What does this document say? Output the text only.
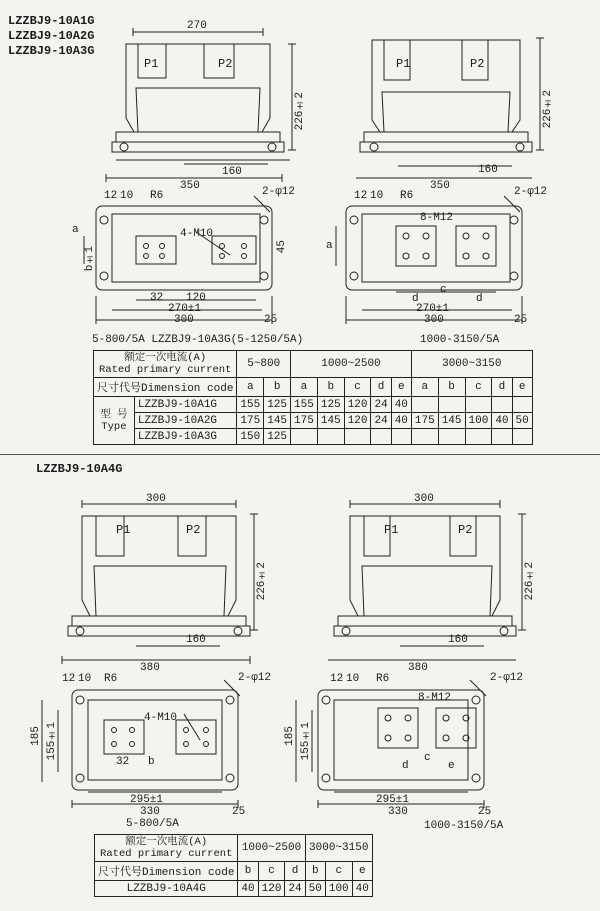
LZZBJ9-10A1G
LZZBJ9-10A2G
LZZBJ9-10A3G
270
P1	P2
226±2
160
350
P1	P2
226±2
160
350
12 10 R6	2-φ12
4-M10
a
b±1	45
32 120
270±1
300	25
5-800/5A LZZBJ9-10A3G(5-1250/5A)
12 10 R6	2-φ12
8-M12
a
d
c
d
270±1
300	25
1000-3150/5A
额定一次电流(A)
Rated primary current		5~800		1000~2500					3000~3150				
尺寸代号Dimension code		a	b	a	b	c	d	e	a	b	c	d	e

型 号
Type	LZZBJ9-10A1G	155	125	155	125	120	24	40					
	LZZBJ9-10A2G	175	145	175	145	120	24	40	175	145	100	40	50
	LZZBJ9-10A3G	150	125										
LZZBJ9-10A4G
300
P1	P2
226±2
160
380
300
P1	P2
226±2
160
380
12 10 R6	2-φ12
4-M10
185 155±1
32 b
295±1
330	25
5-800/5A
12 10 R6	2-φ12
8-M12
185 155±1
d
c
e
295±1
330	25
1000-3150/5A
额定一次电流(A)
Rated primary current	1000~2500			3000~3150		
尺寸代号Dimension code	b	c	d	b	c	e
LZZBJ9-10A4G	40	120	24	50	100	40
